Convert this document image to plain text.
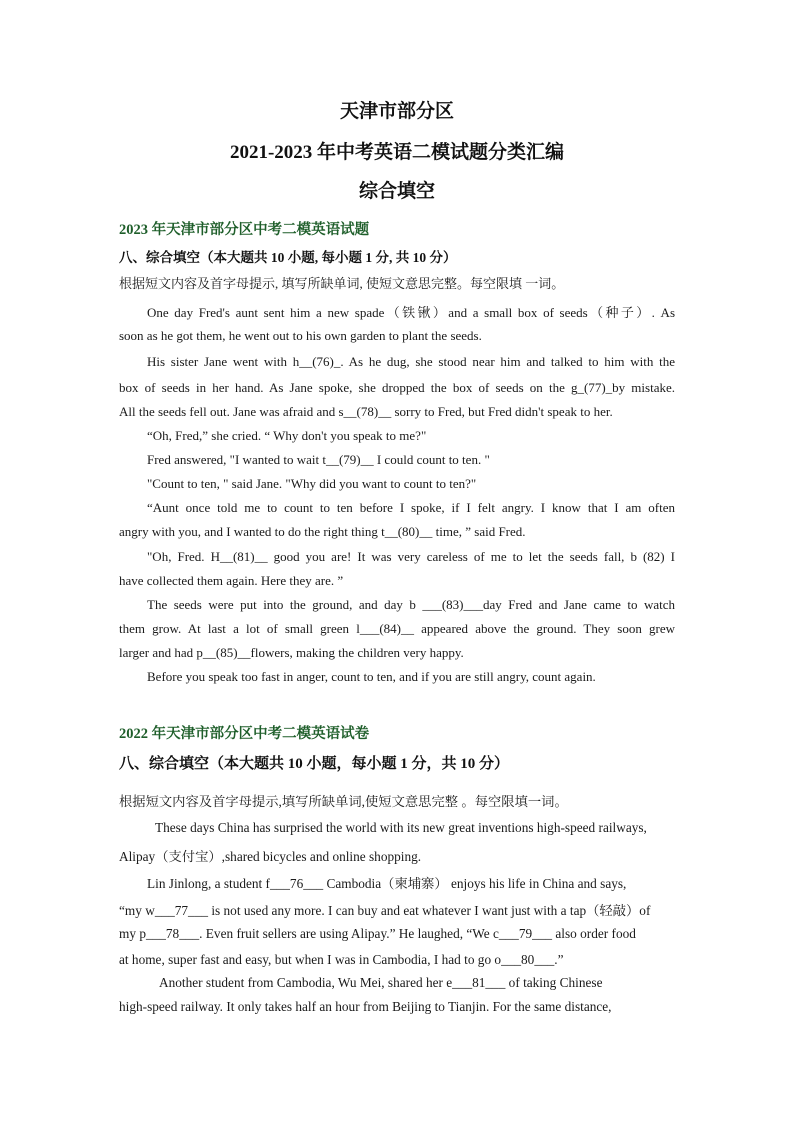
天津市部分区
2021-2023 年中考英语二模试题分类汇编
综合填空
2023 年天津市部分区中考二模英语试题
八、综合填空（本大题共 10 小题, 每小题 1 分, 共 10 分）
根据短文内容及首字母提示, 填写所缺单词, 使短文意思完整。每空限填 一词。
One day Fred's aunt sent him a new spade（铁锹）and a small box of seeds（种子）. As
soon as he got them, he went out to his own garden to plant the seeds.
His sister Jane went with h__(76)_. As he dug, she stood near him and talked to him with the
box of seeds in her hand. As Jane spoke, she dropped the box of seeds on the g_(77)_by mistake.
All the seeds fell out. Jane was afraid and s__(78)__ sorry to Fred, but Fred didn't speak to her.
“Oh, Fred,” she cried. “ Why don't you speak to me?"
Fred answered, "I wanted to wait t__(79)__ I could count to ten. "
"Count to ten, " said Jane. "Why did you want to count to ten?"
“Aunt once told me to count to ten before I spoke, if I felt angry. I know that I am often
angry with you, and I wanted to do the right thing t__(80)__ time, ” said Fred.
"Oh, Fred. H__(81)__ good you are! It was very careless of me to let the seeds fall, b (82) I
have collected them again. Here they are. ”
The seeds were put into the ground, and day b ___(83)___day Fred and Jane came to watch
them grow. At last a lot of small green l___(84)__ appeared above the ground. They soon grew
larger and had p__(85)__flowers, making the children very happy.
Before you speak too fast in anger, count to ten, and if you are still angry, count again.
2022 年天津市部分区中考二模英语试卷
八、综合填空（本大题共 10 小题，每小题 1 分，共 10 分）
根据短文内容及首字母提示,填写所缺单词,使短文意思完整 。每空限填一词。
These days China has surprised the world with its new great inventions high-speed railways,
Alipay（支付宝）,shared bicycles and online shopping.
Lin Jinlong, a student f___76___ Cambodia（柬埔寨） enjoys his life in China and says,
“my w___77___ is not used any more. I can buy and eat whatever I want just with a tap（轻敲）of
my p___78___. Even fruit sellers are using Alipay.” He laughed, “We c___79___ also order food
at home, super fast and easy, but when I was in Cambodia, I had to go o___80___.”
Another student from Cambodia, Wu Mei, shared her e___81___ of taking Chinese
high-speed railway. It only takes half an hour from Beijing to Tianjin. For the same distance,
